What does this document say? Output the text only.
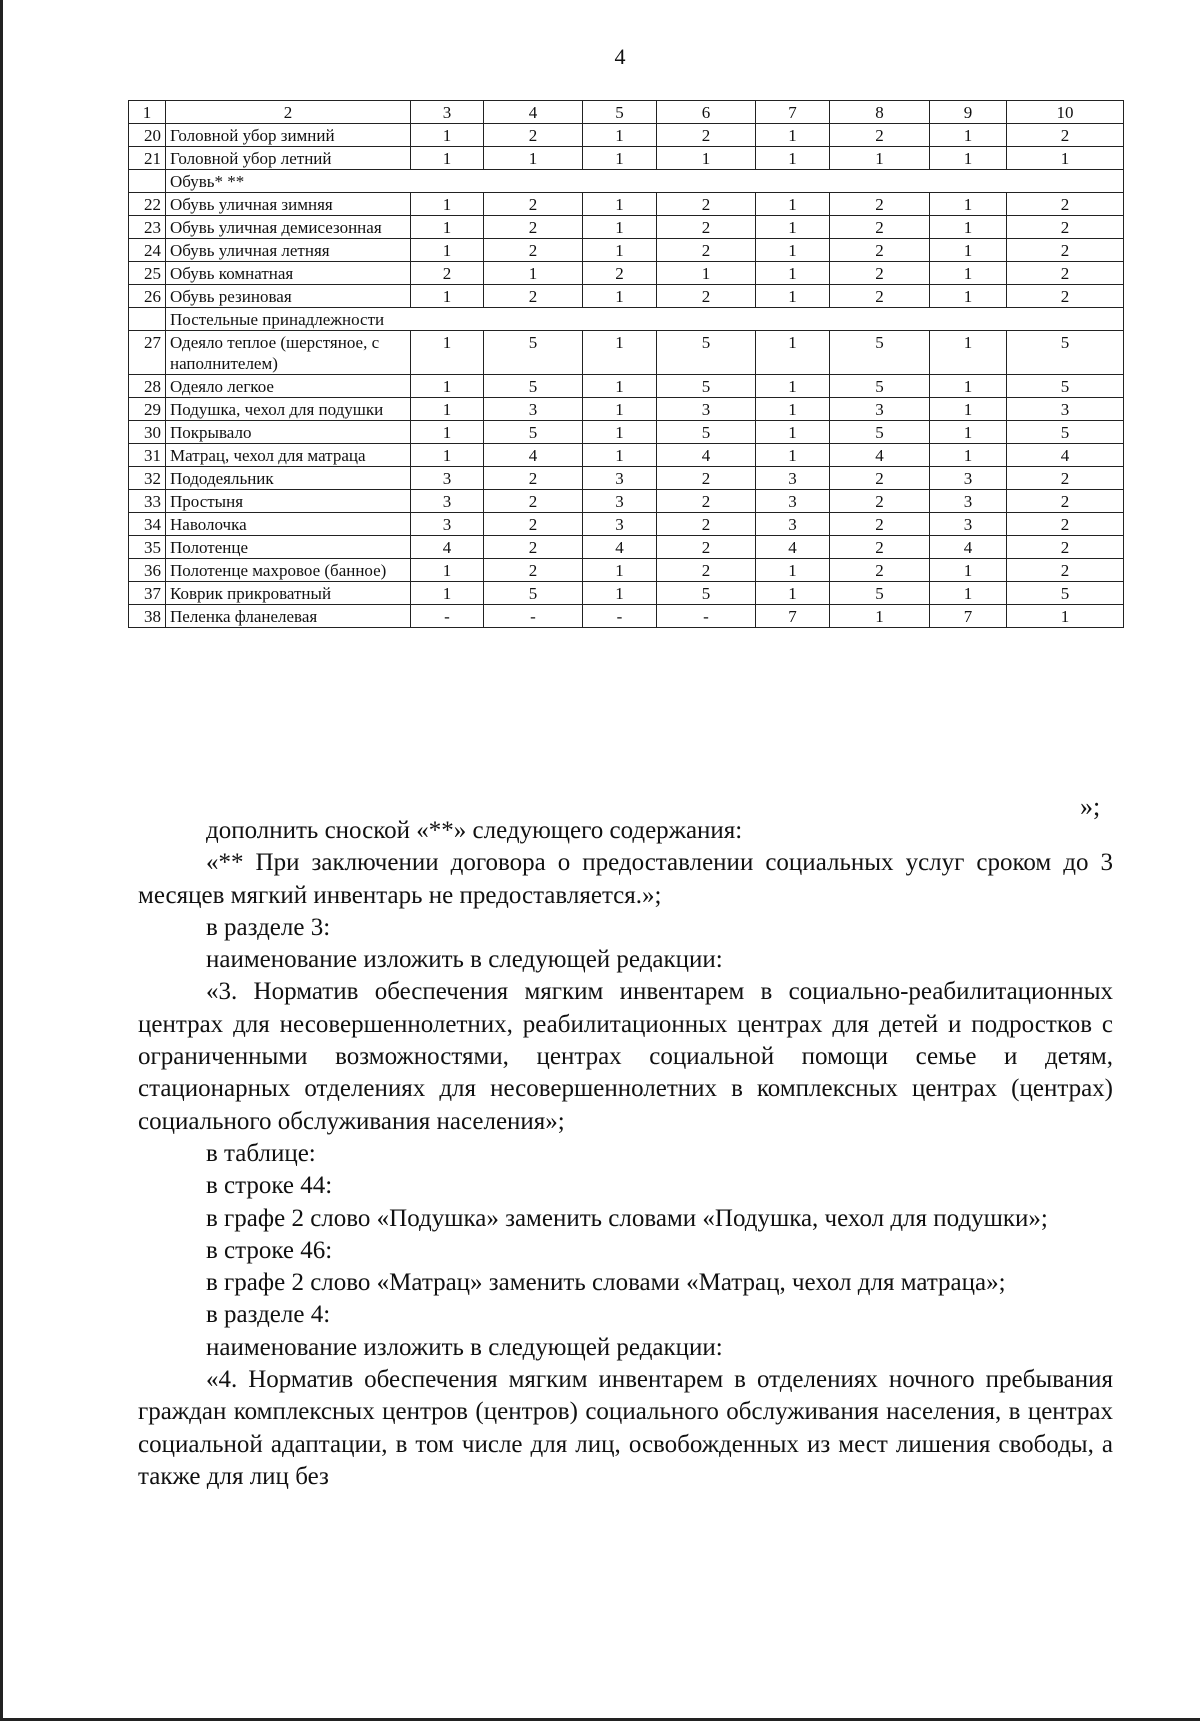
4
1	2	3	4	5	6	7	8	9	10
20	Головной убор зимний	1	2	1	2	1	2	1	2
21	Головной убор летний	1	1	1	1	1	1	1	1
	Обувь* **								
22	Обувь уличная зимняя	1	2	1	2	1	2	1	2
23	Обувь уличная демисезонная	1	2	1	2	1	2	1	2
24	Обувь уличная летняя	1	2	1	2	1	2	1	2
25	Обувь комнатная	2	1	2	1	1	2	1	2
26	Обувь резиновая	1	2	1	2	1	2	1	2
	Постельные принадлежности								
27	Одеяло теплое (шерстяное, с наполнителем)	1	5	1	5	1	5	1	5
28	Одеяло легкое	1	5	1	5	1	5	1	5
29	Подушка, чехол для подушки	1	3	1	3	1	3	1	3
30	Покрывало	1	5	1	5	1	5	1	5
31	Матрац, чехол для матраца	1	4	1	4	1	4	1	4
32	Пододеяльник	3	2	3	2	3	2	3	2
33	Простыня	3	2	3	2	3	2	3	2
34	Наволочка	3	2	3	2	3	2	3	2
35	Полотенце	4	2	4	2	4	2	4	2
36	Полотенце махровое (банное)	1	2	1	2	1	2	1	2
37	Коврик прикроватный	1	5	1	5	1	5	1	5
38	Пеленка фланелевая	-	-	-	-	7	1	7	1
»;

дополнить сноской «**» следующего содержания:

«** При заключении договора о предоставлении социальных услуг сроком до 3 месяцев мягкий инвентарь не предоставляется.»;

в разделе 3:

наименование изложить в следующей редакции:

«3. Норматив обеспечения мягким инвентарем в социально-реабилитационных центрах для несовершеннолетних, реабилитационных центрах для детей и подростков с ограниченными возможностями, центрах социальной помощи семье и детям, стационарных отделениях для несовершеннолетних в комплексных центрах (центрах) социального обслуживания населения»;

в таблице:

в строке 44:

в графе 2 слово «Подушка» заменить словами «Подушка, чехол для подушки»;

в строке 46:

в графе 2 слово «Матрац» заменить словами «Матрац, чехол для матраца»;

в разделе 4:

наименование изложить в следующей редакции:

«4. Норматив обеспечения мягким инвентарем в отделениях ночного пребывания граждан комплексных центров (центров) социального обслуживания населения, в центрах социальной адаптации, в том числе для лиц, освобожденных из мест лишения свободы, а также для лиц без
